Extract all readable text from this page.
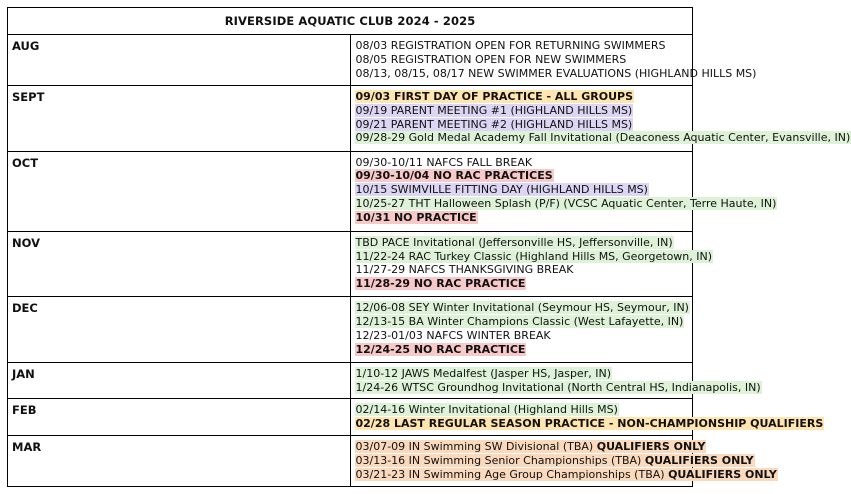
RIVERSIDE AQUATIC CLUB 2024 - 2025	
AUG	08/03 REGISTRATION OPEN FOR RETURNING SWIMMERS
08/05 REGISTRATION OPEN FOR NEW SWIMMERS
08/13, 08/15, 08/17 NEW SWIMMER EVALUATIONS (HIGHLAND HILLS MS)

SEPT	09/03 FIRST DAY OF PRACTICE - ALL GROUPS
09/19 PARENT MEETING #1 (HIGHLAND HILLS MS)
09/21 PARENT MEETING #2 (HIGHLAND HILLS MS)
09/28-29 Gold Medal Academy Fall Invitational (Deaconess Aquatic Center, Evansville, IN)

OCT	09/30-10/11 NAFCS FALL BREAK
09/30-10/04 NO RAC PRACTICES
10/15 SWIMVILLE FITTING DAY (HIGHLAND HILLS MS)
10/25-27 THT Halloween Splash (P/F) (VCSC Aquatic Center, Terre Haute, IN)
10/31 NO PRACTICE

NOV	TBD PACE Invitational (Jeffersonville HS, Jeffersonville, IN)
11/22-24 RAC Turkey Classic (Highland Hills MS, Georgetown, IN)
11/27-29 NAFCS THANKSGIVING BREAK
11/28-29 NO RAC PRACTICE

DEC	12/06-08 SEY Winter Invitational (Seymour HS, Seymour, IN)
12/13-15 BA Winter Champions Classic (West Lafayette, IN)
12/23-01/03 NAFCS WINTER BREAK
12/24-25 NO RAC PRACTICE

JAN	1/10-12 JAWS Medalfest (Jasper HS, Jasper, IN)
1/24-26 WTSC Groundhog Invitational (North Central HS, Indianapolis, IN)

FEB	02/14-16 Winter Invitational (Highland Hills MS)
02/28 LAST REGULAR SEASON PRACTICE - NON-CHAMPIONSHIP QUALIFIERS

MAR	03/07-09 IN Swimming SW Divisional (TBA) QUALIFIERS ONLY
03/13-16 IN Swimming Senior Championships (TBA) QUALIFIERS ONLY
03/21-23 IN Swimming Age Group Championships (TBA) QUALIFIERS ONLY
